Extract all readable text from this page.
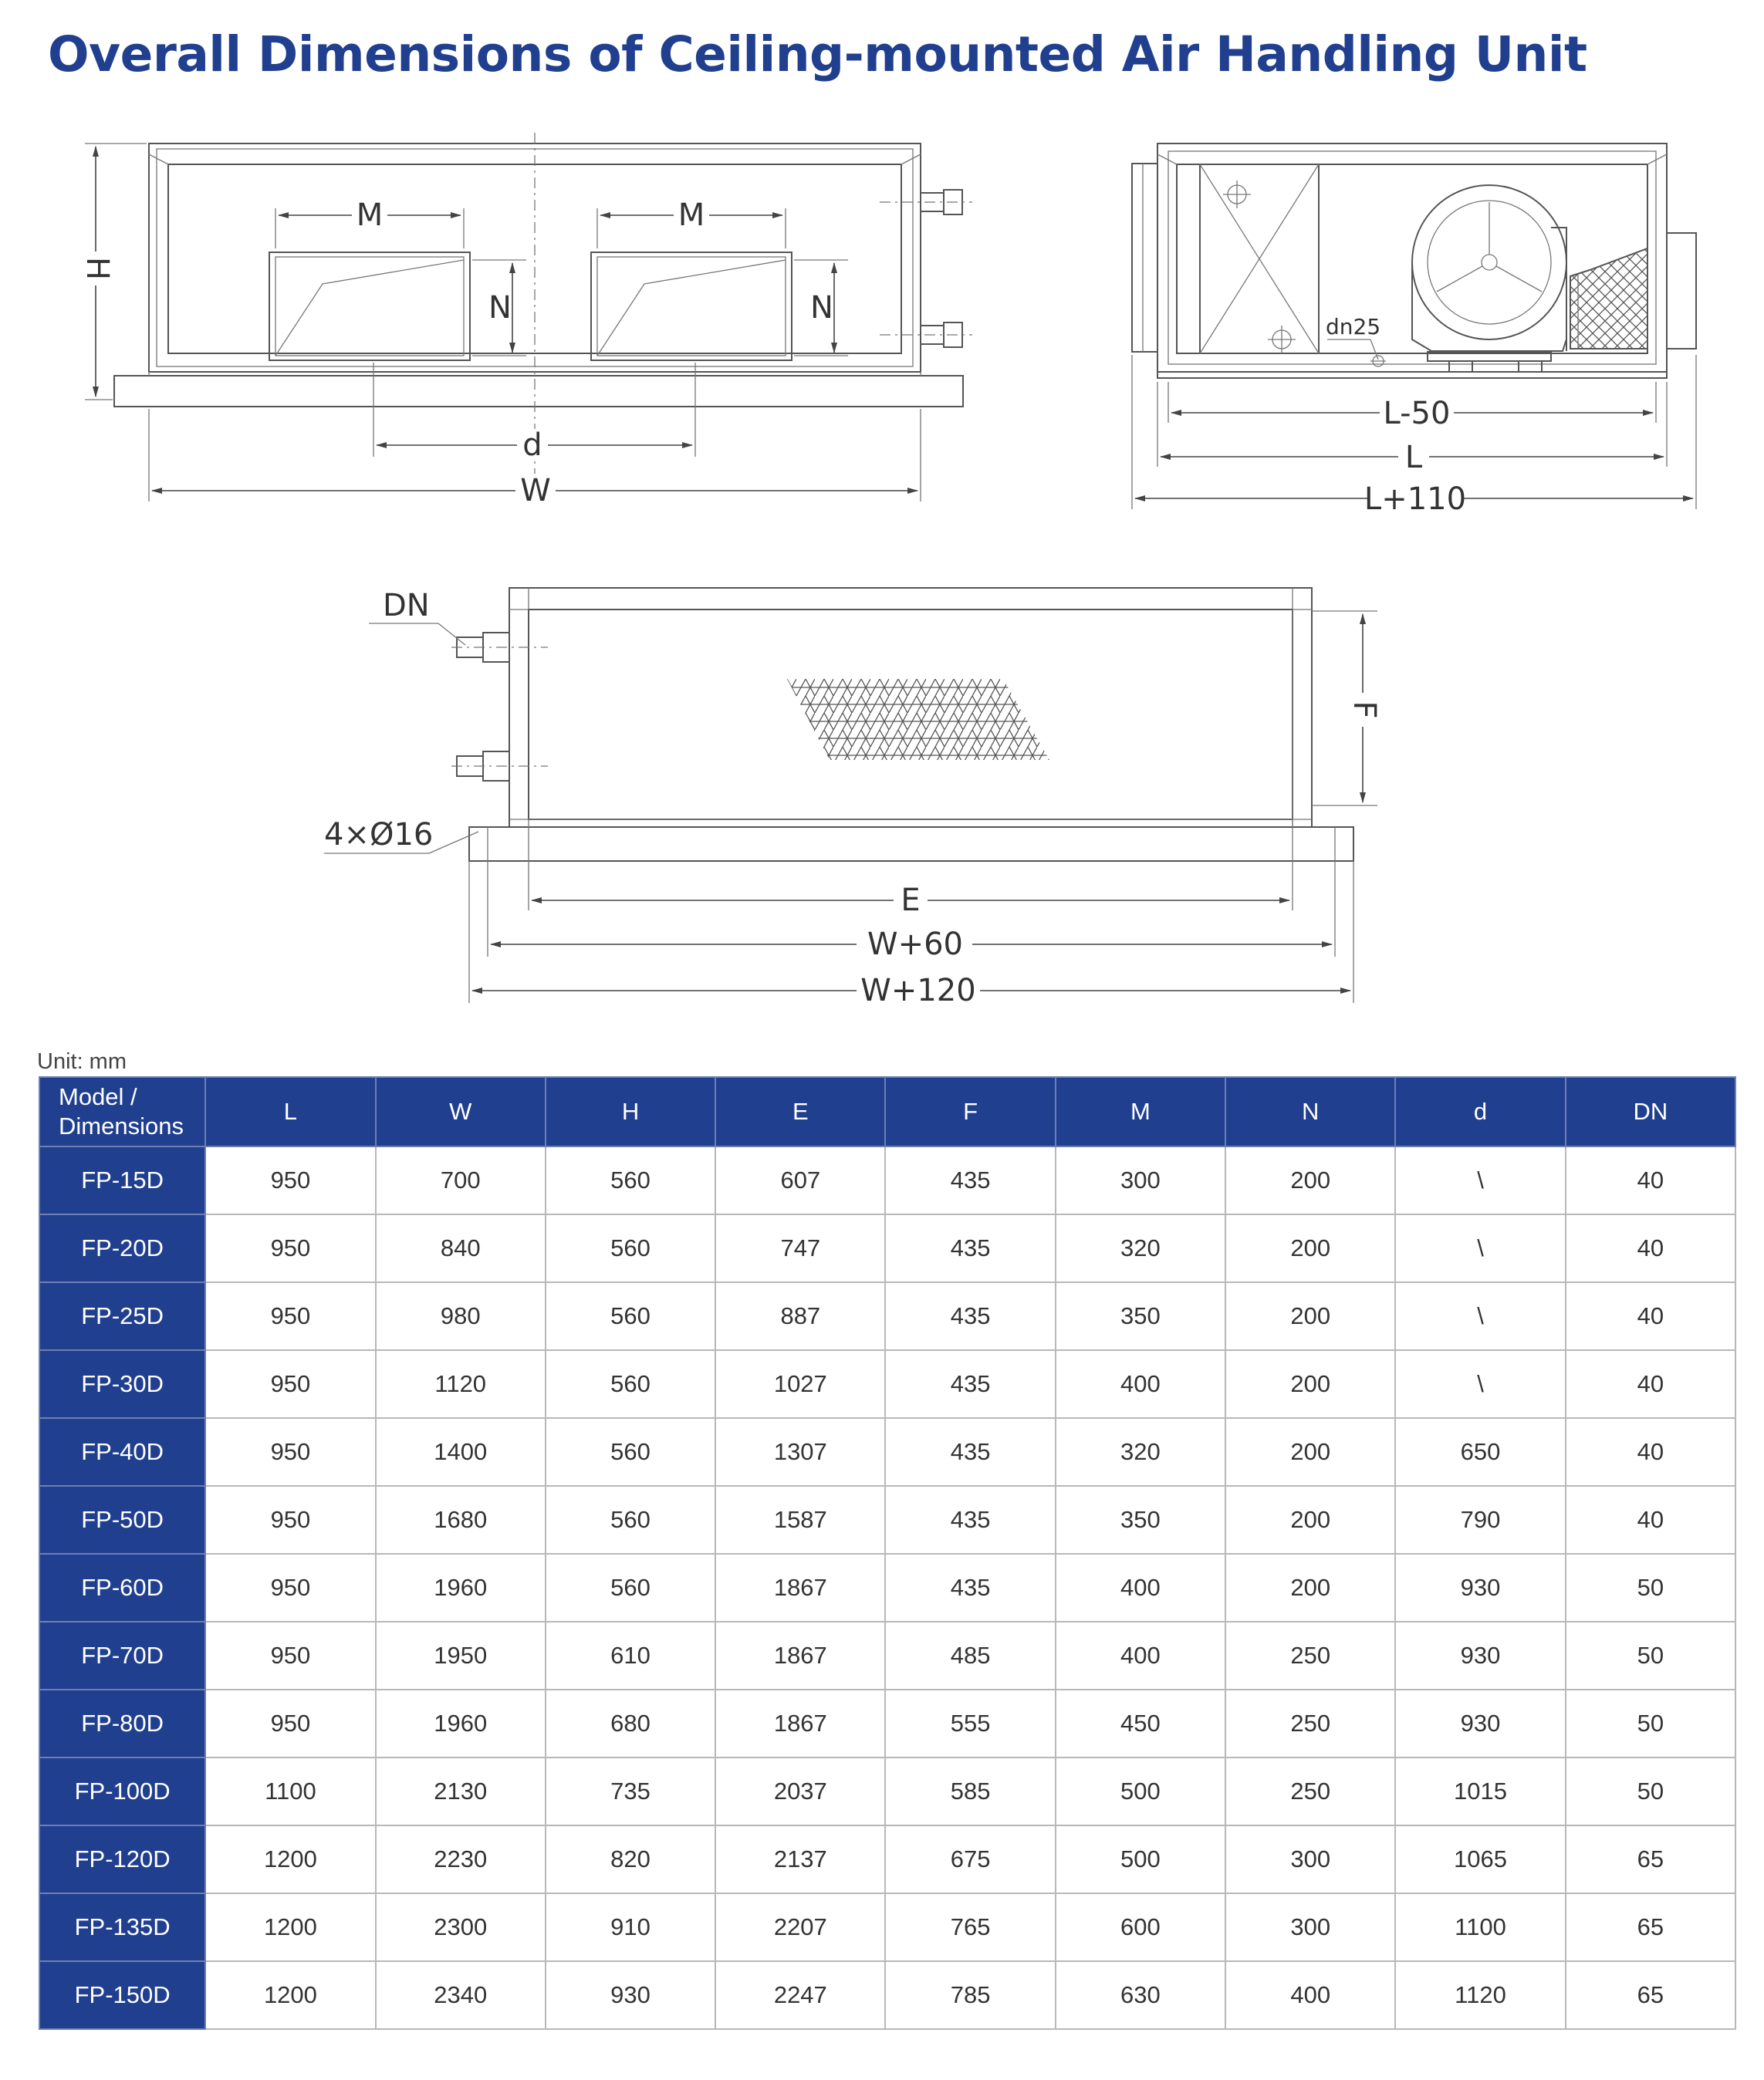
Overall Dimensions of Ceiling-mounted Air Handling Unit
H
M	M
N	N
d
W
dn25
L-50
L
L+110
DN
4×Ø16
F
E
W+60
W+120
Unit: mm
Model /
Dimensions	L	W	H	E	F	M	N	d	DN
FP-15D	950	700	560	607	435	300	200	\	40
FP-20D	950	840	560	747	435	320	200	\	40
FP-25D	950	980	560	887	435	350	200	\	40
FP-30D	950	1120	560	1027	435	400	200	\	40
FP-40D	950	1400	560	1307	435	320	200	650	40
FP-50D	950	1680	560	1587	435	350	200	790	40
FP-60D	950	1960	560	1867	435	400	200	930	50
FP-70D	950	1950	610	1867	485	400	250	930	50
FP-80D	950	1960	680	1867	555	450	250	930	50
FP-100D	1100	2130	735	2037	585	500	250	1015	50
FP-120D	1200	2230	820	2137	675	500	300	1065	65
FP-135D	1200	2300	910	2207	765	600	300	1100	65
FP-150D	1200	2340	930	2247	785	630	400	1120	65
